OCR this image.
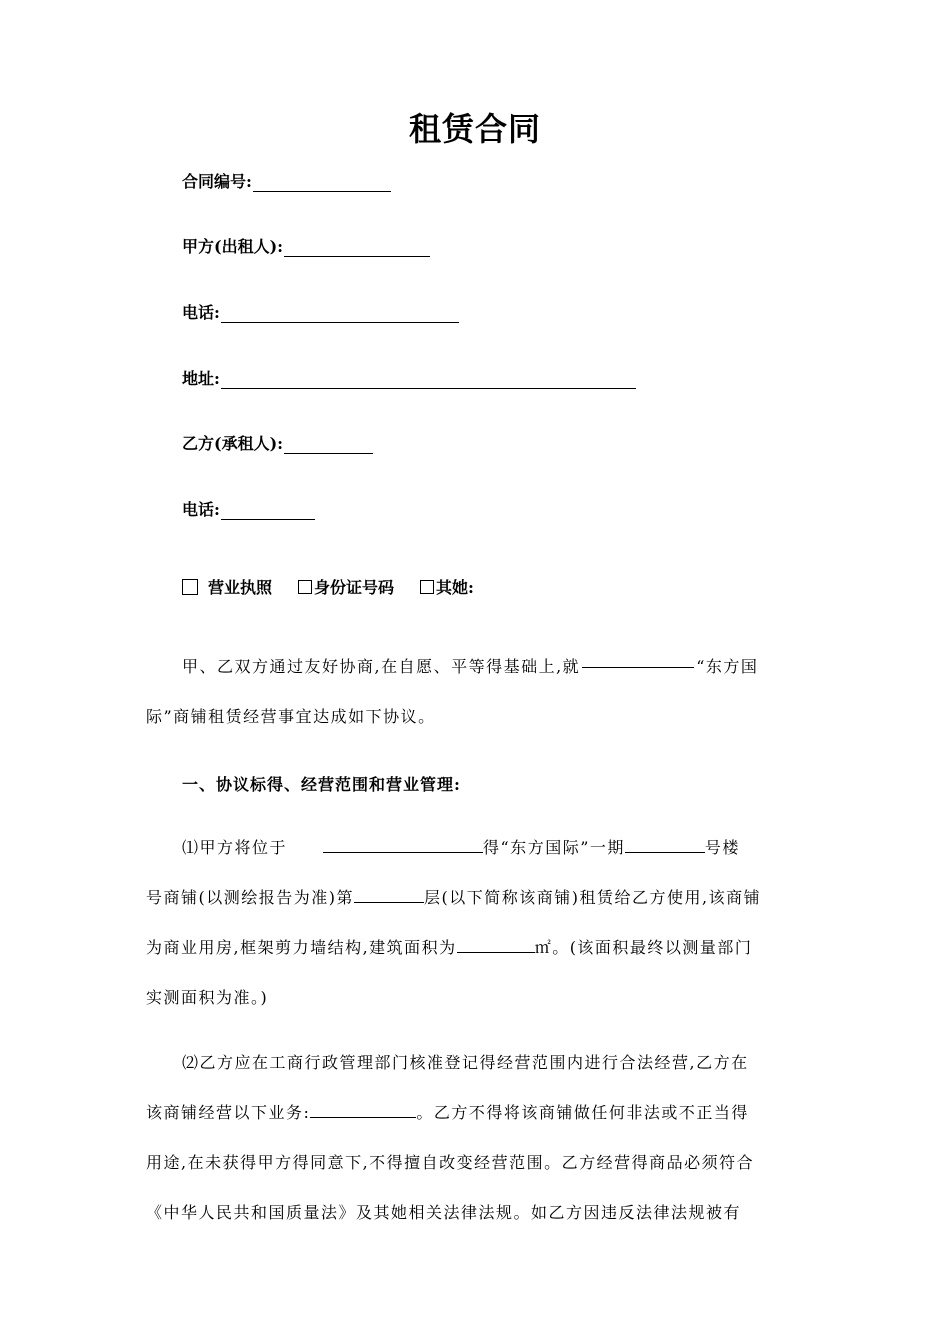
租赁合同
合同编号:
甲方(出租人):
电话:
地址:
乙方(承租人):
电话:
营业执照	身份证号码	其她:
甲、乙双方通过友好协商,在自愿、平等得基础上,就	“东方国
际”商铺租赁经营事宜达成如下协议。
一、协议标得、经营范围和营业管理:
⑴甲方将位于	得“东方国际”一期	号楼
号商铺(以测绘报告为准)第	层(以下简称该商铺)租赁给乙方使用,该商铺
为商业用房,框架剪力墙结构,建筑面积为	㎡。(该面积最终以测量部门
实测面积为准。)
⑵乙方应在工商行政管理部门核准登记得经营范围内进行合法经营,乙方在
该商铺经营以下业务:	。乙方不得将该商铺做任何非法或不正当得
用途,在未获得甲方得同意下,不得擅自改变经营范围。乙方经营得商品必须符合
《中华人民共和国质量法》及其她相关法律法规。如乙方因违反法律法规被有
